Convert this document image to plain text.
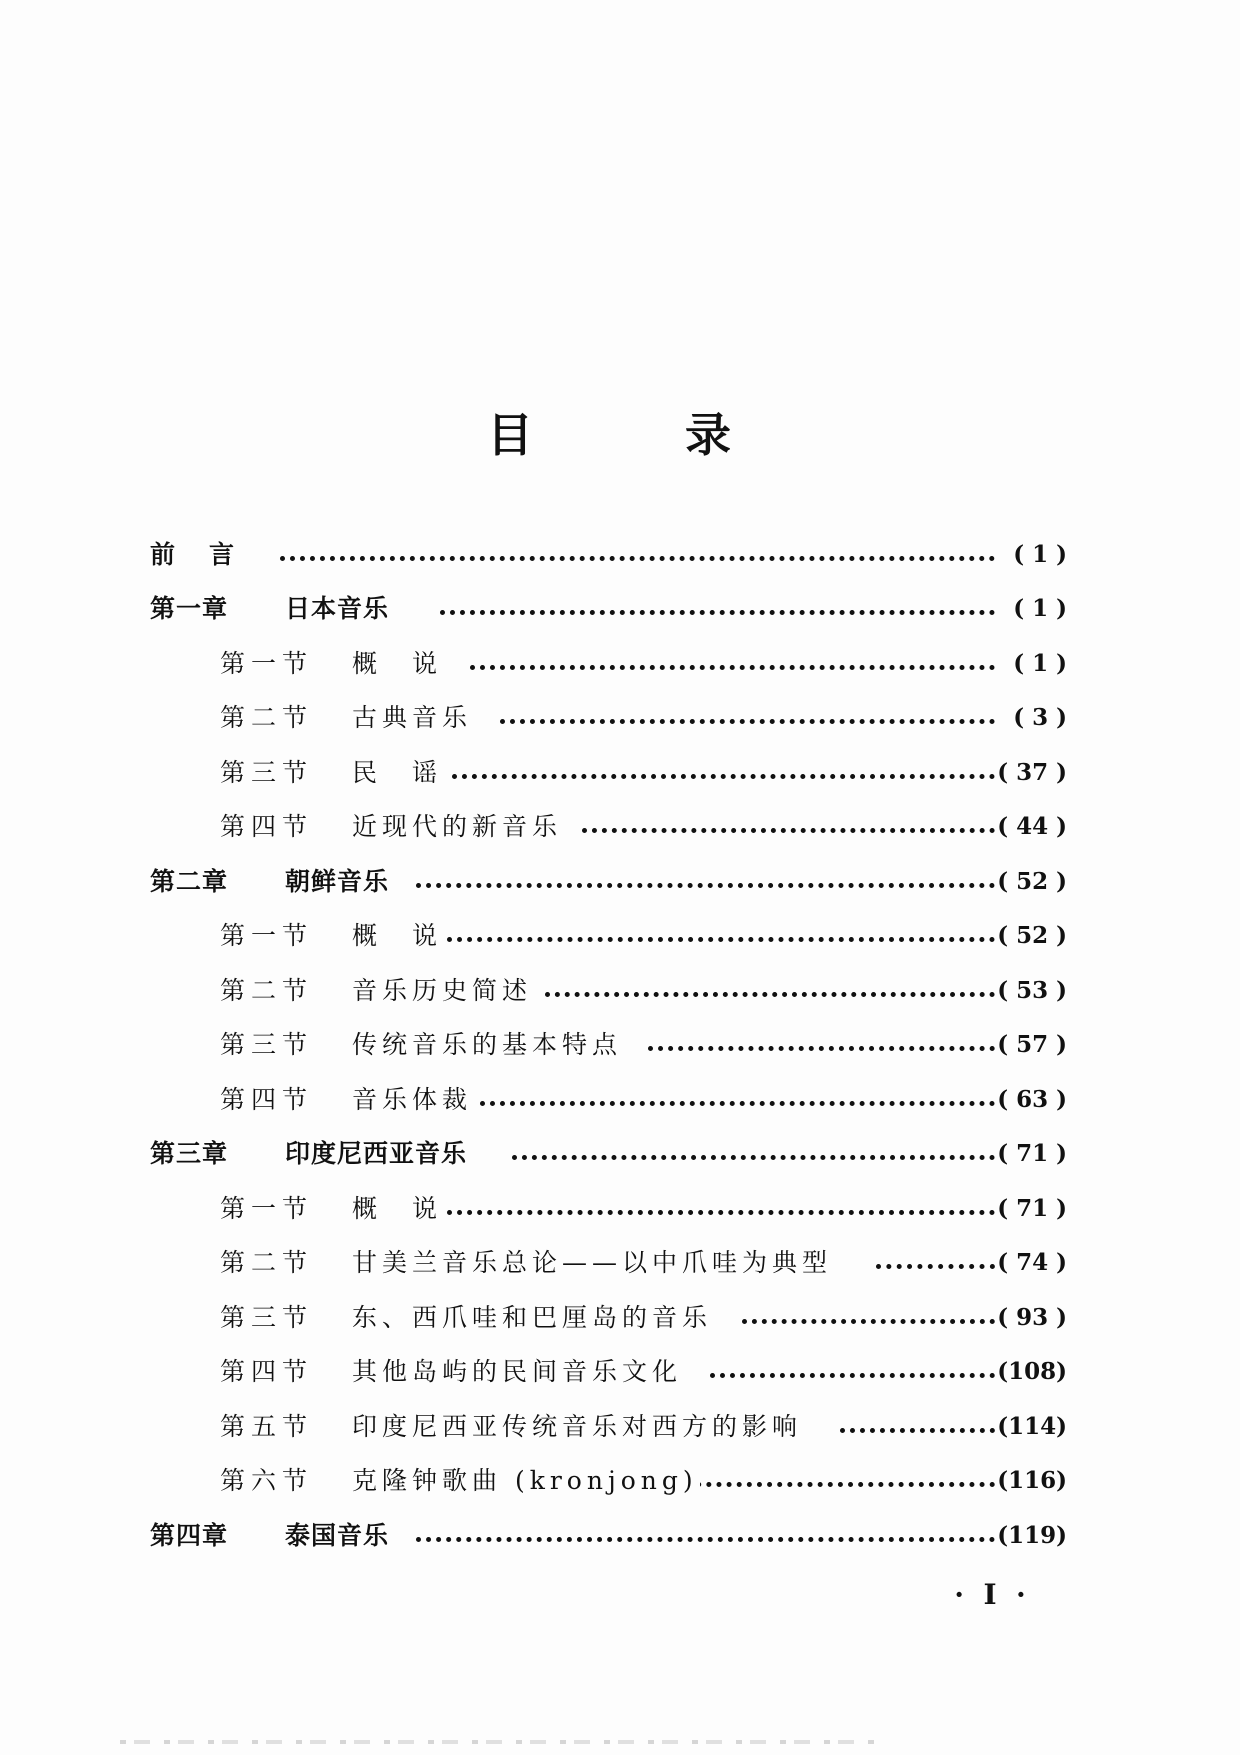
目	录
前言	( 1 )
第一章 日本音乐	( 1 )
第一节 概　说	( 1 )
第二节 古典音乐	( 3 )
第三节 民　谣	( 37 )
第四节 近现代的新音乐	( 44 )
第二章 朝鲜音乐	( 52 )
第一节 概　说	( 52 )
第二节 音乐历史简述	( 53 )
第三节 传统音乐的基本特点	( 57 )
第四节 音乐体裁	( 63 )
第三章 印度尼西亚音乐	( 71 )
第一节 概　说	( 71 )
第二节 甘美兰音乐总论——以中爪哇为典型	( 74 )
第三节 东、西爪哇和巴厘岛的音乐	( 93 )
第四节 其他岛屿的民间音乐文化	(108)
第五节 印度尼西亚传统音乐对西方的影响	(114)
第六节 克隆钟歌曲 (kronjong)	(116)
第四章 泰国音乐	(119)
·  I  ·
